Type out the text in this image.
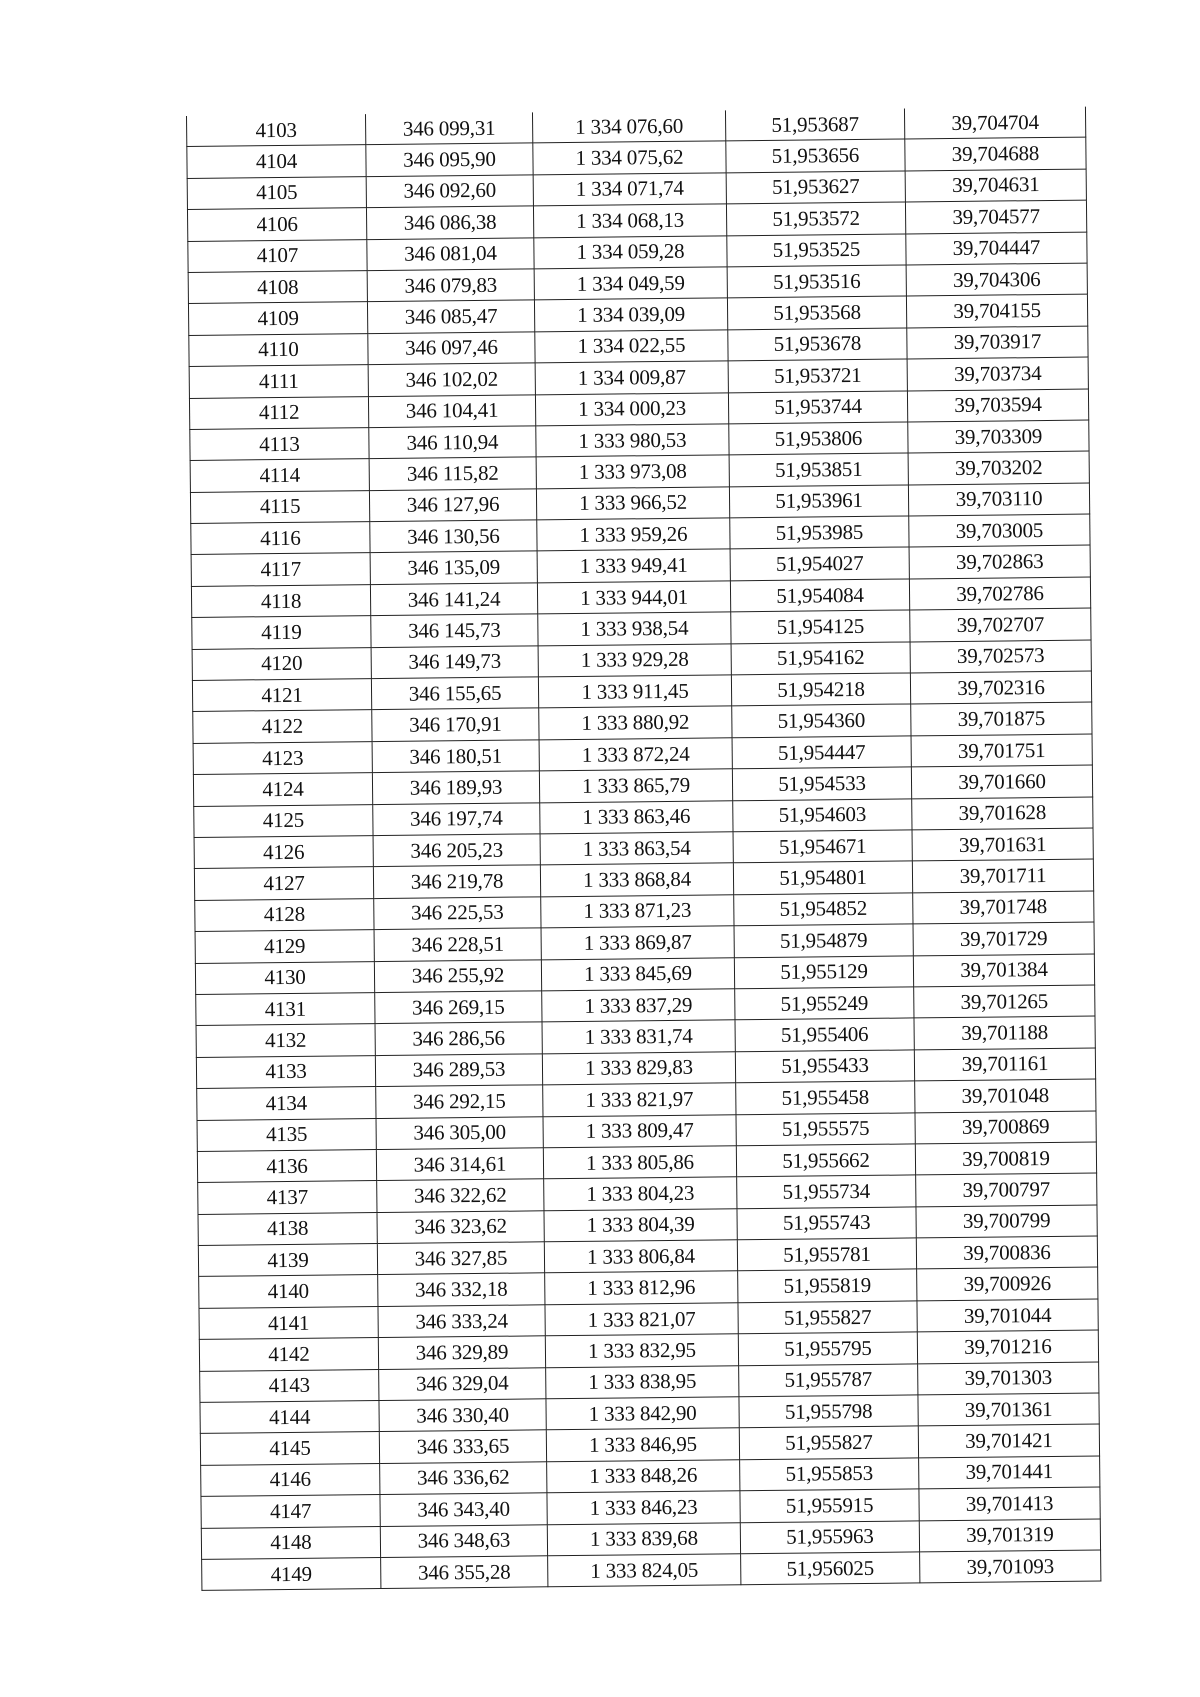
4103	346 099,31	1 334 076,60	51,953687	39,704704
4104	346 095,90	1 334 075,62	51,953656	39,704688
4105	346 092,60	1 334 071,74	51,953627	39,704631
4106	346 086,38	1 334 068,13	51,953572	39,704577
4107	346 081,04	1 334 059,28	51,953525	39,704447
4108	346 079,83	1 334 049,59	51,953516	39,704306
4109	346 085,47	1 334 039,09	51,953568	39,704155
4110	346 097,46	1 334 022,55	51,953678	39,703917
4111	346 102,02	1 334 009,87	51,953721	39,703734
4112	346 104,41	1 334 000,23	51,953744	39,703594
4113	346 110,94	1 333 980,53	51,953806	39,703309
4114	346 115,82	1 333 973,08	51,953851	39,703202
4115	346 127,96	1 333 966,52	51,953961	39,703110
4116	346 130,56	1 333 959,26	51,953985	39,703005
4117	346 135,09	1 333 949,41	51,954027	39,702863
4118	346 141,24	1 333 944,01	51,954084	39,702786
4119	346 145,73	1 333 938,54	51,954125	39,702707
4120	346 149,73	1 333 929,28	51,954162	39,702573
4121	346 155,65	1 333 911,45	51,954218	39,702316
4122	346 170,91	1 333 880,92	51,954360	39,701875
4123	346 180,51	1 333 872,24	51,954447	39,701751
4124	346 189,93	1 333 865,79	51,954533	39,701660
4125	346 197,74	1 333 863,46	51,954603	39,701628
4126	346 205,23	1 333 863,54	51,954671	39,701631
4127	346 219,78	1 333 868,84	51,954801	39,701711
4128	346 225,53	1 333 871,23	51,954852	39,701748
4129	346 228,51	1 333 869,87	51,954879	39,701729
4130	346 255,92	1 333 845,69	51,955129	39,701384
4131	346 269,15	1 333 837,29	51,955249	39,701265
4132	346 286,56	1 333 831,74	51,955406	39,701188
4133	346 289,53	1 333 829,83	51,955433	39,701161
4134	346 292,15	1 333 821,97	51,955458	39,701048
4135	346 305,00	1 333 809,47	51,955575	39,700869
4136	346 314,61	1 333 805,86	51,955662	39,700819
4137	346 322,62	1 333 804,23	51,955734	39,700797
4138	346 323,62	1 333 804,39	51,955743	39,700799
4139	346 327,85	1 333 806,84	51,955781	39,700836
4140	346 332,18	1 333 812,96	51,955819	39,700926
4141	346 333,24	1 333 821,07	51,955827	39,701044
4142	346 329,89	1 333 832,95	51,955795	39,701216
4143	346 329,04	1 333 838,95	51,955787	39,701303
4144	346 330,40	1 333 842,90	51,955798	39,701361
4145	346 333,65	1 333 846,95	51,955827	39,701421
4146	346 336,62	1 333 848,26	51,955853	39,701441
4147	346 343,40	1 333 846,23	51,955915	39,701413
4148	346 348,63	1 333 839,68	51,955963	39,701319
4149	346 355,28	1 333 824,05	51,956025	39,701093
